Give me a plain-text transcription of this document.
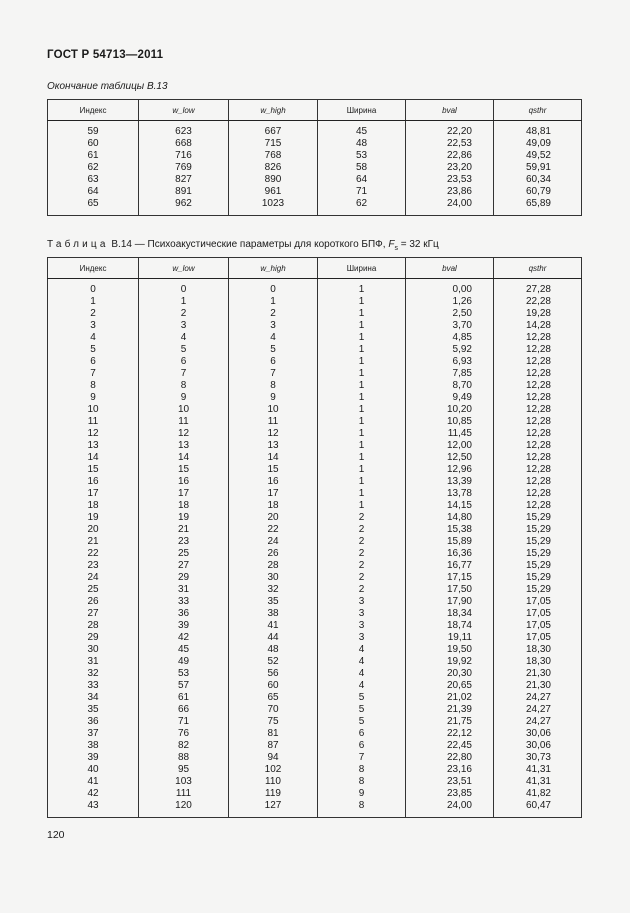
ГОСТ Р 54713—2011
Окончание таблицы В.13
Индекс	w_low	w_high	Ширина	bval	qsthr

59	623	667	45	22,20	48,81
60	668	715	48	22,53	49,09
61	716	768	53	22,86	49,52
62	769	826	58	23,20	59,91
63	827	890	64	23,53	60,34
64	891	961	71	23,86	60,79
65	962	1023	62	24,00	65,89

Таблица В.14 — Психоакустические параметры для короткого БПФ, $F_s = 32$ кГц
Индекс	w_low	w_high	Ширина	bval	qsthr

0	0	0	1	0,00	27,28
1	1	1	1	1,26	22,28
2	2	2	1	2,50	19,28
3	3	3	1	3,70	14,28
4	4	4	1	4,85	12,28
5	5	5	1	5,92	12,28
6	6	6	1	6,93	12,28
7	7	7	1	7,85	12,28
8	8	8	1	8,70	12,28
9	9	9	1	9,49	12,28
10	10	10	1	10,20	12,28
11	11	11	1	10,85	12,28
12	12	12	1	11,45	12,28
13	13	13	1	12,00	12,28
14	14	14	1	12,50	12,28
15	15	15	1	12,96	12,28
16	16	16	1	13,39	12,28
17	17	17	1	13,78	12,28
18	18	18	1	14,15	12,28
19	19	20	2	14,80	15,29
20	21	22	2	15,38	15,29
21	23	24	2	15,89	15,29
22	25	26	2	16,36	15,29
23	27	28	2	16,77	15,29
24	29	30	2	17,15	15,29
25	31	32	2	17,50	15,29
26	33	35	3	17,90	17,05
27	36	38	3	18,34	17,05
28	39	41	3	18,74	17,05
29	42	44	3	19,11	17,05
30	45	48	4	19,50	18,30
31	49	52	4	19,92	18,30
32	53	56	4	20,30	21,30
33	57	60	4	20,65	21,30
34	61	65	5	21,02	24,27
35	66	70	5	21,39	24,27
36	71	75	5	21,75	24,27
37	76	81	6	22,12	30,06
38	82	87	6	22,45	30,06
39	88	94	7	22,80	30,73
40	95	102	8	23,16	41,31
41	103	110	8	23,51	41,31
42	111	119	9	23,85	41,82
43	120	127	8	24,00	60,47

120
